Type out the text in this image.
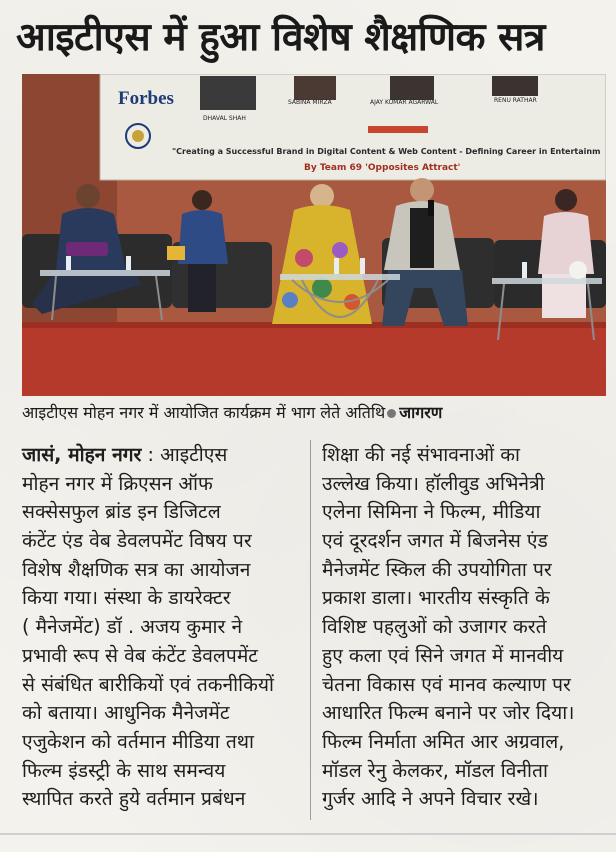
आइटीएस में हुआ विशेष शैक्षणिक सत्र
Forbes
DHAVAL SHAH
SABINA MIRZA	AJAY KUMAR AGARWAL	RENU RATHAR
"Creating a Successful Brand in Digital Content & Web Content - Defining Career in Entertainm
By Team 69 'Opposites Attract'
आइटीएस मोहन नगर में आयोजित कार्यक्रम में भाग लेते अतिथि जागरण
जासं, मोहन नगर : आइटीएस
मोहन नगर में क्रिएसन ऑफ
सक्सेसफुल ब्रांड इन डिजिटल
कंटेंट एंड वेब डेवलपमेंट विषय पर
विशेष शैक्षणिक सत्र का आयोजन
किया गया। संस्था के डायरेक्टर
( मैनेजमेंट) डॉ . अजय कुमार ने
प्रभावी रूप से वेब कंटेंट डेवलपमेंट
से संबंधित बारीकियों एवं तकनीकियों
को बताया। आधुनिक मैनेजमेंट
एजुकेशन को वर्तमान मीडिया तथा
फिल्म इंडस्ट्री के साथ समन्वय
स्थापित करते हुये वर्तमान प्रबंधन
शिक्षा की नई संभावनाओं का
उल्लेख किया। हॉलीवुड अभिनेत्री
एलेना सिमिना ने फिल्म, मीडिया
एवं दूरदर्शन जगत में बिजनेस एंड
मैनेजमेंट स्किल की उपयोगिता पर
प्रकाश डाला। भारतीय संस्कृति के
विशिष्ट पहलुओं को उजागर करते
हुए कला एवं सिने जगत में मानवीय
चेतना विकास एवं मानव कल्याण पर
आधारित फिल्म बनाने पर जोर दिया।
फिल्म निर्माता अमित आर अग्रवाल,
मॉडल रेनु केलकर, मॉडल विनीता
गुर्जर आदि ने अपने विचार रखे।
